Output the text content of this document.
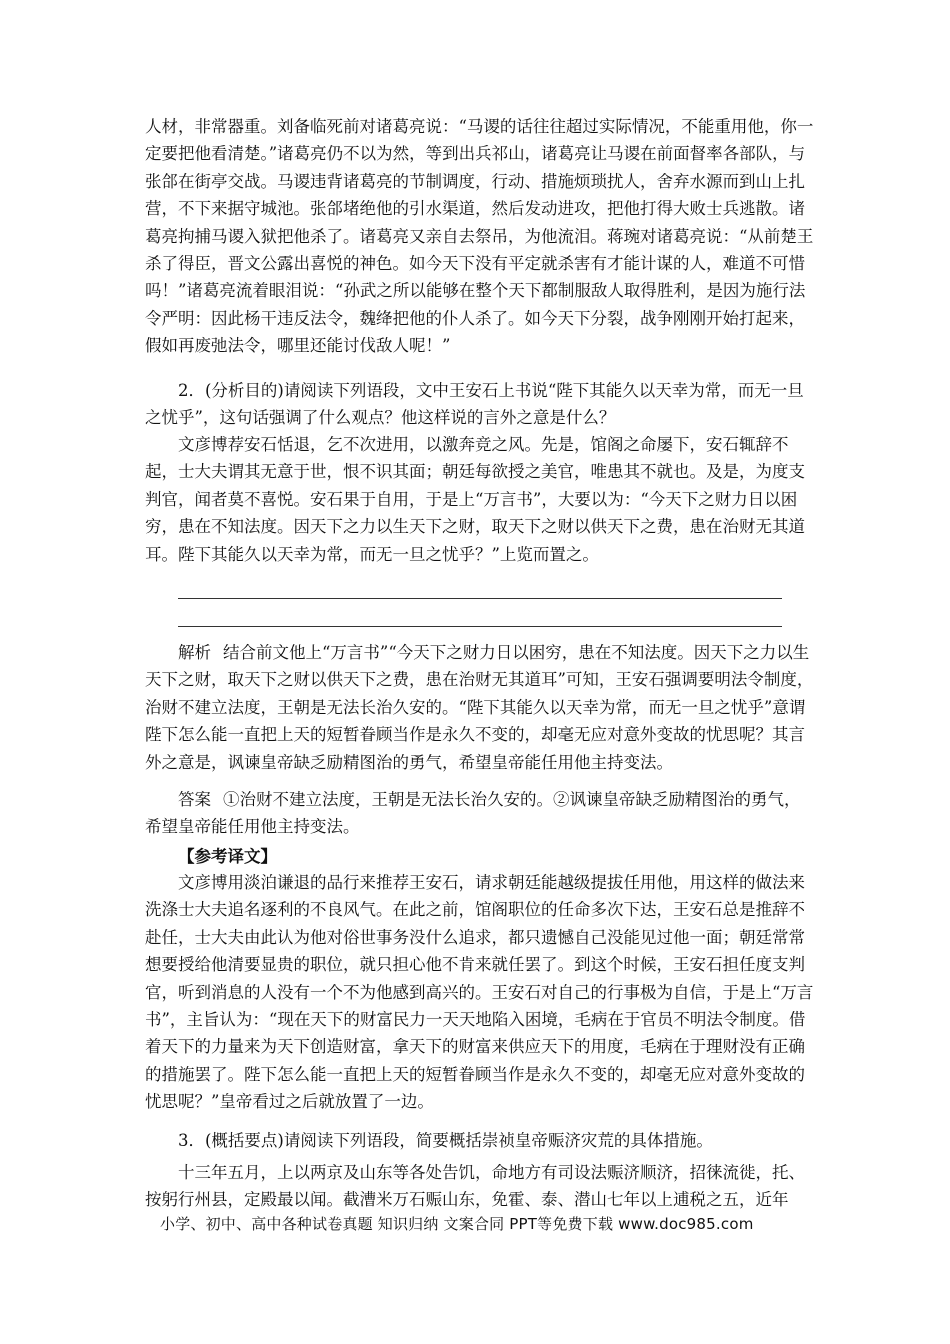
人材，非常器重。刘备临死前对诸葛亮说：“马谡的话往往超过实际情况，不能重用他，你一定要把他看清楚。”诸葛亮仍不以为然，等到出兵祁山，诸葛亮让马谡在前面督率各部队，与张郃在街亭交战。马谡违背诸葛亮的节制调度，行动、措施烦琐扰人，舍弃水源而到山上扎营，不下来据守城池。张郃堵绝他的引水渠道，然后发动进攻，把他打得大败士兵逃散。诸葛亮拘捕马谡入狱把他杀了。诸葛亮又亲自去祭吊，为他流泪。蒋琬对诸葛亮说：“从前楚王杀了得臣，晋文公露出喜悦的神色。如今天下没有平定就杀害有才能计谋的人，难道不可惜吗！”诸葛亮流着眼泪说：“孙武之所以能够在整个天下都制服敌人取得胜利，是因为施行法令严明：因此杨干违反法令，魏绛把他的仆人杀了。如今天下分裂，战争刚刚开始打起来，假如再废弛法令，哪里还能讨伐敌人呢！”

2．(分析目的)请阅读下列语段，文中王安石上书说“陛下其能久以天幸为常，而无一旦之忧乎”，这句话强调了什么观点？他这样说的言外之意是什么？

文彦博荐安石恬退，乞不次进用，以激奔竞之风。先是，馆阁之命屡下，安石辄辞不起，士大夫谓其无意于世，恨不识其面；朝廷每欲授之美官，唯患其不就也。及是，为度支判官，闻者莫不喜悦。安石果于自用，于是上“万言书”，大要以为：“今天下之财力日以困穷，患在不知法度。因天下之力以生天下之财，取天下之财以供天下之费，患在治财无其道耳。陛下其能久以天幸为常，而无一旦之忧乎？”上览而置之。

解析 结合前文他上“万言书”“今天下之财力日以困穷，患在不知法度。因天下之力以生天下之财，取天下之财以供天下之费，患在治财无其道耳”可知，王安石强调要明法令制度，治财不建立法度，王朝是无法长治久安的。“陛下其能久以天幸为常，而无一旦之忧乎”意谓陛下怎么能一直把上天的短暂眷顾当作是永久不变的，却毫无应对意外变故的忧思呢？其言外之意是，讽谏皇帝缺乏励精图治的勇气，希望皇帝能任用他主持变法。

答案 ①治财不建立法度，王朝是无法长治久安的。②讽谏皇帝缺乏励精图治的勇气，希望皇帝能任用他主持变法。

【参考译文】

文彦博用淡泊谦退的品行来推荐王安石，请求朝廷能越级提拔任用他，用这样的做法来洗涤士大夫追名逐利的不良风气。在此之前，馆阁职位的任命多次下达，王安石总是推辞不赴任，士大夫由此认为他对俗世事务没什么追求，都只遗憾自己没能见过他一面；朝廷常常想要授给他清要显贵的职位，就只担心他不肯来就任罢了。到这个时候，王安石担任度支判官，听到消息的人没有一个不为他感到高兴的。王安石对自己的行事极为自信，于是上“万言书”，主旨认为：“现在天下的财富民力一天天地陷入困境，毛病在于官员不明法令制度。借着天下的力量来为天下创造财富，拿天下的财富来供应天下的用度，毛病在于理财没有正确的措施罢了。陛下怎么能一直把上天的短暂眷顾当作是永久不变的，却毫无应对意外变故的忧思呢？”皇帝看过之后就放置了一边。

3．(概括要点)请阅读下列语段，简要概括崇祯皇帝赈济灾荒的具体措施。

十三年五月，上以两京及山东等各处告饥，命地方有司设法赈济顺济，招徕流徙，托、按躬行州县，定殿最以闻。截漕米万石赈山东，免霍、泰、潜山七年以上逋税之五，近年

小学、初中、高中各种试卷真题 知识归纳 文案合同 PPT等免费下载 www.doc985.com
